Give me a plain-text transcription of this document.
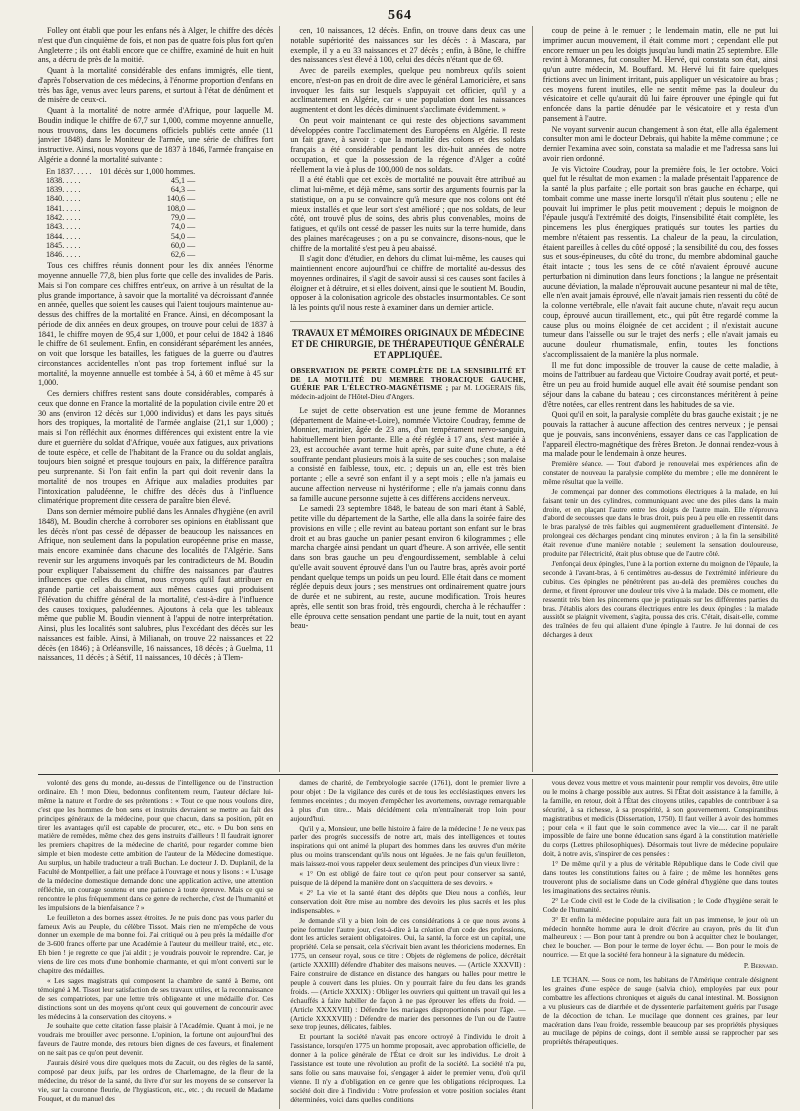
564

Folley ont établi que pour les enfans nés à Alger, le chiffre des décès n'est que d'un cinquième de fois, et non pas de quatre fois plus fort qu'en Angleterre ; ils ont établi encore que ce chiffre, examiné de huit en huit ans, a décru de près de la moitié.

Quant à la mortalité considérable des enfans immigrés, elle tient, d'après l'observation de ces médecins, à l'énorme proportion d'enfans en très bas âge, venus avec leurs parens, et surtout à l'état de dénûment et de misère de ceux-ci.

Quant à la mortalité de notre armée d'Afrique, pour laquelle M. Boudin indique le chiffre de 67,7 sur 1,000, comme moyenne annuelle, nous trouvons, dans les documens officiels publiés cette année (11 janvier 1848) dans le Moniteur de l'armée, une série de chiffres fort instructive. Ainsi, nous voyons que de 1837 à 1846, l'armée française en Algérie a donné la mortalité suivante :

En 1837. . . . .	101 décès sur 1,000 hommes.
1838. . . . .	45,1 —
1839. . . . .	64,3 —
1840. . . . .	140,6 —
1841. . . . .	108,0 —
1842. . . . .	79,0 —
1843. . . . .	74,0 —
1844. . . . .	54,0 —
1845. . . . .	60,0 —
1846. . . . .	62,6 —

Tous ces chiffres réunis donnent pour les dix années l'énorme moyenne annuelle 77,8, bien plus forte que celle des invalides de Paris. Mais si l'on compare ces chiffres entr'eux, on arrive à un résultat de la plus grande importance, à savoir que la mortalité va décroissant d'année en année, quelles que soient les causes qui l'aient toujours maintenue au-dessus des chiffres de la mortalité en France. Ainsi, en décomposant la période de dix années en deux groupes, on trouve pour celui de 1837 à 1841, le chiffre moyen de 95,4 sur 1,000, et pour celui de 1842 à 1846 le chiffre de 61 seulement. Enfin, en considérant séparément les années, on voit que lorsque les batailles, les fatigues de la guerre ou d'autres circonstances accidentelles n'ont pas trop fortement influé sur la mortalité, la moyenne annuelle est tombée à 54, à 60 et même à 45 sur 1,000.

Ces derniers chiffres restent sans doute considérables, comparés à ceux que donne en France la mortalité de la population civile entre 20 et 30 ans (environ 12 décès sur 1,000 individus) et dans les pays situés hors des tropiques, la mortalité de l'armée anglaise (21,1 sur 1,000) ; mais si l'on réfléchit aux énormes différences qui existent entre la vie dure et guerrière du soldat d'Afrique, vouée aux fatigues, aux privations de toute espèce, et celle de l'habitant de la France ou du soldat anglais, toujours bien soigné et presque toujours en paix, la différence paraîtra peu surprenante. Si l'on fait enfin la part qui doit revenir dans la mortalité de nos troupes en Afrique aux maladies produites par l'intoxication paludéenne, le chiffre des décès dus à l'influence climatérique proprement dite cessera de paraître bien élevé.

Dans son dernier mémoire publié dans les Annales d'hygiène (en avril 1848), M. Boudin cherche à corroborer ses opinions en établissant que les décès n'ont pas cessé de dépasser de beaucoup les naissances en Afrique, non seulement dans la population européenne prise en masse, mais encore examinée dans chacune des localités de l'Algérie. Sans revenir sur les argumens invoqués par les contradicteurs de M. Boudin pour expliquer l'abaissement du chiffre des naissances par d'autres influences que celles du climat, nous croyons qu'il faut attribuer en grande partie cet abaissement aux mêmes causes qui produisent l'élévation du chiffre général de la mortalité, c'est-à-dire à l'influence des causes toxiques, paludéennes. Ajoutons à cela que les tableaux même que publie M. Boudin viennent à l'appui de notre interprétation. Ainsi, plus les localités sont salubres, plus l'excédant des décès sur les naissances est faible. Ainsi, à Milianah, on trouve 22 naissances et 22 décès (en 1846) ; à Orléansville, 16 naissances, 18 décès ; à Guelma, 11 naissances, 11 décès ; à Sétif, 11 naissances, 10 décès ; à Tlem-

cen, 10 naissances, 12 décès. Enfin, on trouve dans deux cas une notable supériorité des naissances sur les décès : à Mascara, par exemple, il y a eu 33 naissances et 27 décès ; enfin, à Bône, le chiffre des naissances s'est élevé à 100, celui des décès n'étant que de 69.

Avec de pareils exemples, quelque peu nombreux qu'ils soient encore, n'est-on pas en droit de dire avec le général Lamoricière, et sans invoquer les faits sur lesquels s'appuyait cet officier, qu'il y a acclimatement en Algérie, car « une population dont les naissances augmentent et dont les décès diminuent s'acclimate évidemment. »

On peut voir maintenant ce qui reste des objections savamment développées contre l'acclimatement des Européens en Algérie. Il reste un fait grave, à savoir : que la mortalité des colons et des soldats français a été considérable pendant les dix-huit années de notre occupation, et que la possession de la régence d'Alger a coûté réellement la vie à plus de 100,000 de nos soldats.

Il a été établi que cet excès de mortalité ne pouvait être attribué au climat lui-même, et déjà même, sans sortir des arguments fournis par la statistique, on a pu se convaincre qu'à mesure que nos colons ont été mieux installés et que leur sort s'est amélioré ; que nos soldats, de leur côté, ont trouvé plus de soins, des abris plus convenables, moins de fatigues, et qu'ils ont cessé de passer les nuits sur la terre humide, dans des plaines marécageuses ; on a pu se convaincre, disons-nous, que le chiffre de la mortalité s'est peu à peu abaissé.

Il s'agit donc d'étudier, en dehors du climat lui-même, les causes qui maintiennent encore aujourd'hui ce chiffre de mortalité au-dessus des moyennes ordinaires, il s'agit de savoir aussi si ces causes sont faciles à éloigner et à détruire, et si elles doivent, ainsi que le soutient M. Boudin, opposer à la colonisation agricole des obstacles insurmontables. Ce sont là les points qu'il nous reste à examiner dans un dernier article.

TRAVAUX ET MÉMOIRES ORIGINAUX DE MÉDECINE ET DE CHIRURGIE, DE THÉRAPEUTIQUE GÉNÉRALE ET APPLIQUÉE.

OBSERVATION DE PERTE COMPLÈTE DE LA SENSIBILITÉ ET DE LA MOTILITÉ DU MEMBRE THORACIQUE GAUCHE, GUÉRIE PAR L'ÉLECTRO-MAGNÉTISME ; par M. LOGERAIS fils, médecin-adjoint de l'Hôtel-Dieu d'Angers.

Le sujet de cette observation est une jeune femme de Morannes (département de Maine-et-Loire), nommée Victoire Coudray, femme de Monnier, marinier, âgée de 23 ans, d'un tempérament nervo-sanguin, habituellement bien portante. Elle a été réglée à 17 ans, s'est mariée à 23, est accouchée avant terme huit après, par suite d'une chute, a été souffrante pendant plusieurs mois à la suite de ses couches ; son malaise a consisté en faiblesse, toux, etc. ; depuis un an, elle est très bien portante ; elle a sevré son enfant il y a sept mois ; elle n'a jamais eu aucune affection nerveuse ni hystériforme ; elle n'a jamais connu dans sa famille aucune personne sujette à ces différens accidens nerveux.

Le samedi 23 septembre 1848, le bateau de son mari étant à Sablé, petite ville du département de la Sarthe, elle alla dans la soirée faire des provisions en ville ; elle revint au bateau portant son enfant sur le bras droit et au bras gauche un panier pesant environ 6 kilogrammes ; elle marcha chargée ainsi pendant un quart d'heure. A son arrivée, elle sentit dans son bras gauche un peu d'engourdissement, semblable à celui qu'elle avait souvent éprouvé dans l'un ou l'autre bras, après avoir porté pendant quelque temps un poids un peu lourd. Elle était dans ce moment réglée depuis deux jours ; ses menstrues ont ordinairement quatre jours de durée et ne subirent, au reste, aucune modification. Trois heures après, elle sentit son bras froid, très engourdi, chercha à le réchauffer : elle éprouva cette sensation pendant une partie de la nuit, tout en ayant beau-

coup de peine à le remuer ; le lendemain matin, elle ne put lui imprimer aucun mouvement, il était comme mort ; cependant elle put encore remuer un peu les doigts jusqu'au lundi matin 25 septembre. Elle revint à Morannes, fut consulter M. Hervé, qui constata son état, ainsi qu'un autre médecin, M. Bouffard. M. Hervé lui fit faire quelques frictions avec un liniment irritant, puis appliquer un vésicatoire au bras ; ces moyens furent inutiles, elle ne sentit même pas la douleur du vésicatoire et celle qu'aurait dû lui faire éprouver une épingle qui fut enfoncée dans la partie dénudée par le vésicatoire et y resta d'un pansement à l'autre.

Ne voyant survenir aucun changement à son état, elle alla également consulter mon ami le docteur Debrais, qui habite la même commune ; ce dernier l'examina avec soin, constata sa maladie et me l'adressa sans lui avoir rien ordonné.

Je vis Victoire Coudray, pour la première fois, le 1er octobre. Voici quel fut le résultat de mon examen : la malade présentait l'apparence de la santé la plus parfaite ; elle portait son bras gauche en écharpe, qui tombait comme une masse inerte lorsqu'il n'était plus soutenu ; elle ne pouvait lui imprimer le plus petit mouvement ; depuis le moignon de l'épaule jusqu'à l'extrémité des doigts, l'insensibilité était complète, les pincemens les plus énergiques pratiqués sur toutes les parties du membre n'étaient pas ressentis. La chaleur de la peau, la circulation, étaient pareilles à celles du côté opposé ; la sensibilité du cou, des fosses sus et sous-épineuses, du côté du tronc, du membre abdominal gauche était intacte ; tous les sens de ce côté n'avaient éprouvé aucune perturbation ni diminution dans leurs fonctions ; la langue ne présentait aucune déviation, la malade n'éprouvait aucune pesanteur ni mal de tête, elle n'en avait jamais éprouvé, elle n'avait jamais rien ressenti du côté de la colonne vertébrale, elle n'avait fait aucune chute, n'avait reçu aucun coup, éprouvé aucun tiraillement, etc., qui pût être regardé comme la cause plus ou moins éloignée de cet accident ; il n'existait aucune tumeur dans l'aisselle ou sur le trajet des nerfs ; elle n'avait jamais eu aucune douleur rhumatismale, enfin, toutes les fonctions s'accomplissaient de la manière la plus normale.

Il me fut donc impossible de trouver la cause de cette maladie, à moins de l'attribuer au fardeau que Victoire Coudray avait porté, et peut-être un peu au froid humide auquel elle avait été soumise pendant son séjour dans la cabane du bateau ; ces circonstances méritèrent à peine d'être notées, car elles rentrent dans les habitudes de sa vie.

Quoi qu'il en soit, la paralysie complète du bras gauche existait ; je ne pouvais la rattacher à aucune affection des centres nerveux ; je pensai que je pouvais, sans inconvéniens, essayer dans ce cas l'application de l'appareil électro-magnétique des frères Breton. Je donnai rendez-vous à ma malade pour le lendemain à onze heures.

Première séance. — Tout d'abord je renouvelai mes expériences afin de constater de nouveau la paralysie complète du membre ; elle me donnèrent le même résultat que la veille.

Je commençai par donner des commotions électriques à la malade, en lui faisant tenir un des cylindres, communiquant avec une des piles dans la main droite, et en plaçant l'autre entre les doigts de l'autre main. Elle n'éprouva d'abord de secousses que dans le bras droit, puis peu à peu elle en ressentit dans le bras paralysé de très faibles qui augmentèrent graduellement d'intensité. Je prolongeai ces décharges pendant cinq minutes environ ; à la fin la sensibilité était revenue d'une manière notable ; seulement la sensation douloureuse, produite par l'électricité, était plus obtuse que de l'autre côté.

J'enfonçai deux épingles, l'une à la portion externe du moignon de l'épaule, la seconde à l'avant-bras, à 6 centimètres au-dessus de l'extrémité inférieure du cubitus. Ces épingles ne pénétrèrent pas au-delà des premières couches du derme, et firent éprouver une douleur très vive à la malade. Dès ce moment, elle ressentit très bien les pincemens que je pratiquais sur les différentes parties du bras. J'établis alors des courans électriques entre les deux épingles : la malade aussitôt se plaignit vivement, s'agita, poussa des cris. C'était, disait-elle, comme des traînées de feu qui allaient d'une épingle à l'autre. Je lui donnai de ces décharges à deux

volonté des gens du monde, au-dessus de l'intelligence ou de l'instruction ordinaire. Eh ! mon Dieu, bedonnus confitentem reum, l'auteur déclare lui-même la nature et l'ordre de ses prétentions : « Tout ce que nous voulons dire, c'est que les hommes de bon sens et instruits devraient se mettre au fait des principes généraux de la médecine, pour que chacun, dans sa position, pût en tirer les avantages qu'il est capable de procurer, etc., etc. » Du bon sens en matière de remèdes, même chez des gens instruits d'ailleurs ! Il faudrait ignorer les premiers chapitres de la médecine de charité, pour regarder comme bien simple et bien modeste cette ambition de l'auteur de la Médecine domestique. Au surplus, un habile traducteur a traîi Buchan. Le docteur J. D. Duplanil, de la Faculté de Montpellier, a fait une préface à l'ouvrage et nous y lisons : « L'usage de la médecine domestique demande donc une application active, une attention réfléchie, un courage soutenu et une patience à toute épreuve. Mais ce qui se rencontre le plus fréquemment dans ce genre de recherche, c'est de l'humanité et les impulsions de la bienfaisance ? »

Le feuilleton a des bornes assez étroites. Je ne puis donc pas vous parler du fameux Avis au Peuple, du célèbre Tissot. Mais rien ne m'empêche de vous donner un exemple de ma bonne foi. J'ai critiqué ou à peu près la médaille d'or de 3-600 francs offerte par une Académie à l'auteur du meilleur traité, etc., etc. Eh bien ! je regrette ce que j'ai aldit ; je voudrais pouvoir le reprendre. Car, je viens de lire ces mots d'une bonhomie charmante, et qui m'ont converti sur le chapitre des médailles.

« Les sages magistrats qui composent la chambre de santé à Berne, ont témoigné à M. Tissot leur satisfaction de ses travaux utiles, et la reconnaissance de ses compatriotes, par une lettre très obligeante et une médaille d'or. Ces distinctions sont un des moyens qu'ont ceux qui gouvernent de concourir avec les médecins à la conservation des citoyens. »

Je souhaite que cette citation fasse plaisir à l'Académie. Quant à moi, je ne voudrais me brouiller avec personne. L'opinion, la fortune ont aujourd'hui des faveurs de l'autre monde, des retours bien dignes de ces faveurs, et finalement on ne sait pas ce qu'on peut devenir.

J'aurais désiré vous dire quelques mots du Zacuit, ou des règles de la santé, composé par deux juifs, par les ordres de Charlemagne, de la fleur de la médecine, du trésor de la santé, du livre d'or sur les moyens de se conserver la vie, sur la couronne fleurie, de l'hygiasticon, etc., etc. ; du recueil de Madame Fouquet, et du manuel des

dames de charité, de l'embryologie sacrée (1761), dont le premier livre a pour objet : De la vigilance des curés et de tous les ecclésiastiques envers les femmes enceintes ; du moyen d'empêcher les avortemens, ouvrage remarquable à plus d'un titre... Mais décidément cela m'entraînerait trop loin pour aujourd'hui.

Qu'il y a, Monsieur, une belle histoire à faire de la médecine ! Je ne veux pas parler des progrès successifs de notre art, mais des intelligences et toutes inspirations qui ont animé la plupart des hommes dans les œuvres d'un mérite plus ou moins transcendant qu'ils nous ont léguées. Je ne fais qu'un feuilleton, mais laissez-moi vous rappeler deux seulement des principes d'un vieux livre :

« 1° On est obligé de faire tout ce qu'on peut pour conserver sa santé, puisque de là dépend la manière dont on s'acquittera de ses devoirs. »

« 2° La vie et la santé étant des dépôts que Dieu nous a confiés, leur conservation doit être mise au nombre des devoirs les plus sacrés et les plus indispensables. »

Je demande s'il y a bien loin de ces considérations à ce que nous avons à peine formuler l'autre jour, c'est-à-dire à la création d'un code des professions, dont les articles seraient obligatoires. Oui, la santé, la force est un capital, une propriété. Cela se pensait, cela s'écrivait bien avant les théoriciens modernes. En 1775, un censeur royal, sous ce titre : Objets de règlemens de police, décrétait (article XXXIII) défendre d'habiter des maisons neuves. — (Article XXXVII) : Faire construire de distance en distance des hangars ou halles pour mettre le peuple à couvert dans les pluies. On y pourrait faire du feu dans les grands froids. — (Article XXXIX) : Obliger les ouvriers qui quittent un travail qui les a échauffés à faire habiller de façon à ne pas éprouver les effets du froid. — (Article XXXXVIII) : Défendre les mariages disproportionnés pour l'âge. — (Article XXXXVIII) : Défendre de marier des personnes de l'un ou de l'autre sexe trop jeunes, délicates, faibles.

Et pourtant la société n'avait pas encore octroyé à l'individu le droit à l'assistance, lorsqu'en 1775 un homme proposait, avec approbation officielle, de donner à la police générale de l'État ce droit sur les individus. Le droit à l'assistance est toute une révolution au profit de la société. La société n'a pu, sans folie ou sans mauvaise foi, s'engager à aider le premier venu, d'où qu'il vienne. Il n'y a d'obligation en ce genre que les obligations réciproques. La société doit dire à l'individu : Votre profession et votre position sociales étant déterminées, voici dans quelles conditions

vous devez vous mettre et vous maintenir pour remplir vos devoirs, être utile ou le moins à charge possible aux autres. Si l'État doit assistance à la famille, à la famille, en retour, doit à l'État des citoyens utiles, capables de contribuer à sa sécurité, à sa richesse, à sa prospérité, à son gouvernement. Conspirantibus magistratibus et medicis (Dissertation, 1750). Il faut veiller à avoir des hommes ; pour cela « il faut que le soin commence avec la vie..... car il ne paraît impossible de faire une bonne éducation sans égard à la constitution matérielle du corps (Lettres philosophiques). Désormais tout livre de médecine populaire doit, à notre avis, s'inspirer de ces pensées :

1° De même qu'il y a plus de véritable République dans le Code civil que dans toutes les constitutions faites ou à faire ; de même les honnêtes gens trouveront plus de socialisme dans un Code général d'hygiène que dans toutes les imaginations des sectaires réunis.

2° Le Code civil est le Code de la civilisation ; le Code d'hygiène serait le Code de l'humanité.

3° Et enfin la médecine populaire aura fait un pas immense, le jour où un médecin honnête homme aura le droit d'écrire au crayon, près du lit d'un malheureux : — Bon pour tant à prendre ou bon à acquitter chez le boulanger, chez le boucher. — Bon pour le terme de loyer échu. — Bon pour le mois de nourrice. — Et que la société fera honneur à la signature du médecin.

P. Bernard.

LE TCHAN. — Sous ce nom, les habitans de l'Amérique centrale désignent les graines d'une espèce de sauge (salvia chio), employées par eux pour combattre les affections chroniques et aiguës du canal intestinal. M. Bossignon a vu plusieurs cas de diarrhée et de dyssenterie parfaitement guéris par l'usage de la décoction de tchan. Le mucilage que donnent ces graines, par leur macération dans l'eau froide, ressemble beaucoup par ses propriétés physiques au mucilage de pépins de coings, dont il semble aussi se rapprocher par ses propriétés thérapeutiques.
